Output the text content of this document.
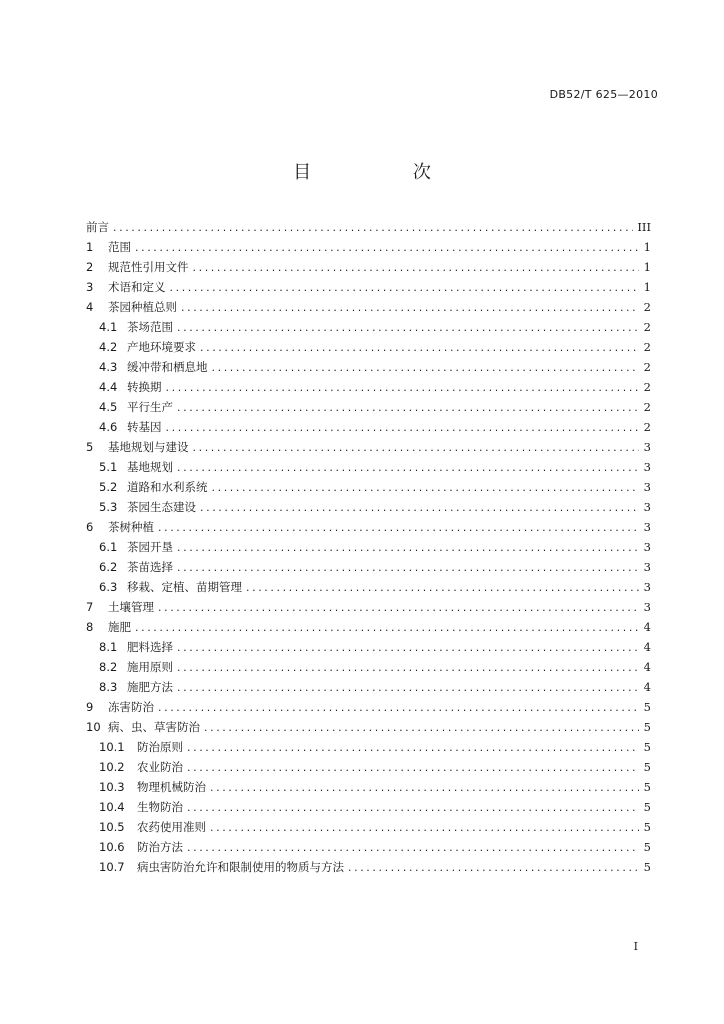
DB52/T 625—2010
目 次
前言 .....	III
1	范围 .....	1
2	规范性引用文件 .....	1
3	术语和定义 .....	1
4	茶园种植总则 .....	2
4.1 茶场范围 .....	2
4.2 产地环境要求 .....	2
4.3 缓冲带和栖息地 .....	2
4.4 转换期 .....	2
4.5 平行生产 .....	2
4.6 转基因 .....	2
5	基地规划与建设 .....	3
5.1 基地规划 .....	3
5.2 道路和水利系统 .....	3
5.3 茶园生态建设 .....	3
6	茶树种植 .....	3
6.1 茶园开垦 .....	3
6.2 茶苗选择 .....	3
6.3 移栽、定植、苗期管理 .....	3
7	土壤管理 .....	3
8	施肥 .....	4
8.1 肥料选择 .....	4
8.2 施用原则 .....	4
8.3 施肥方法 .....	4
9	冻害防治 .....	5
10 病、虫、草害防治 .....	5
10.1	防治原则 .....	5
10.2	农业防治 .....	5
10.3	物理机械防治 .....	5
10.4	生物防治 .....	5
10.5	农药使用准则 .....	5
10.6	防治方法 .....	5
10.7	病虫害防治允许和限制使用的物质与方法 .....	5
I
